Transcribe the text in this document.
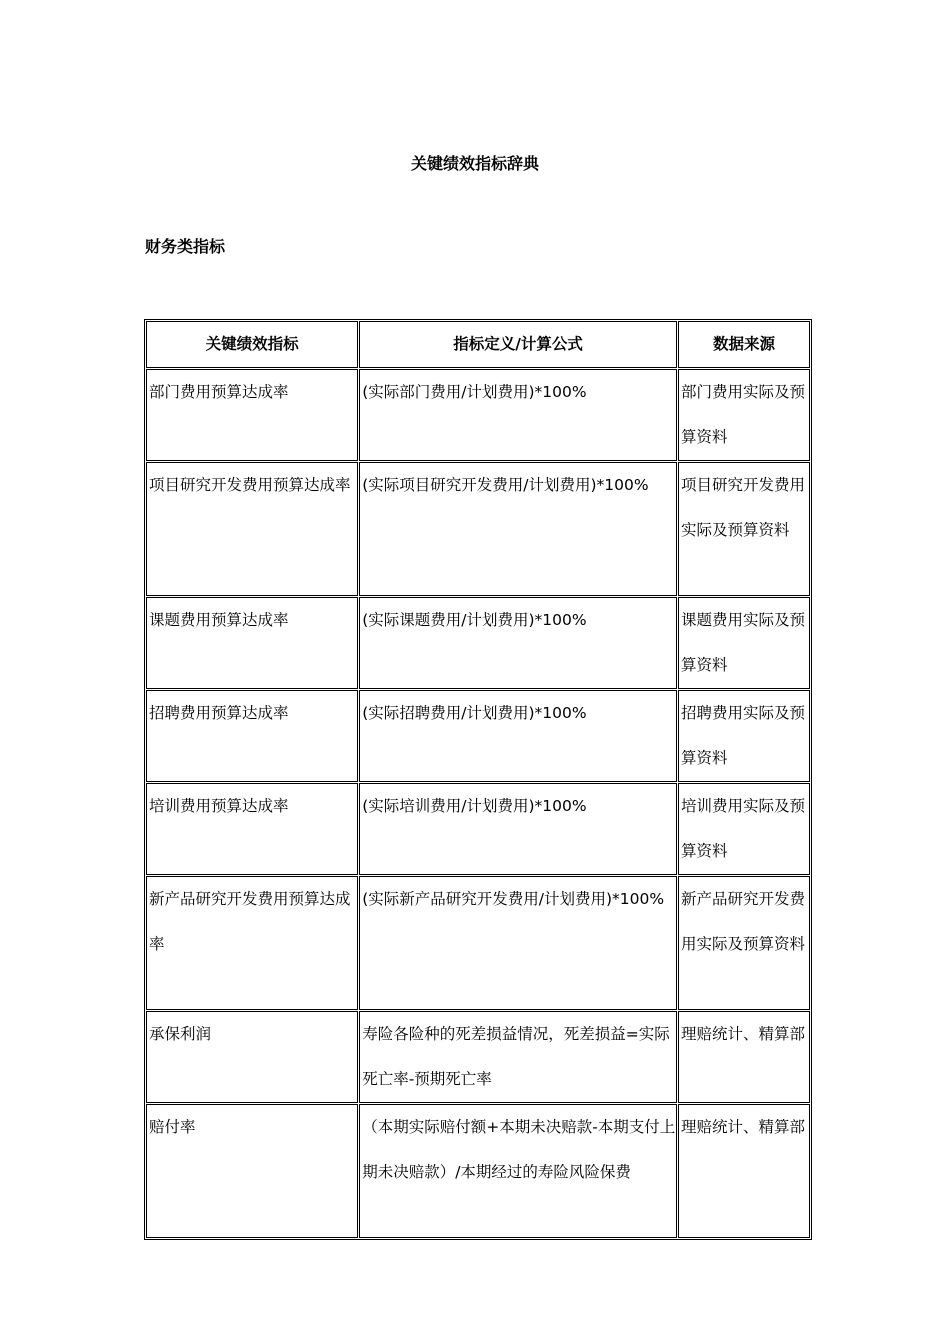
关键绩效指标辞典
财务类指标
关键绩效指标	指标定义/计算公式	数据来源
部门费用预算达成率	(实际部门费用/计划费用)*100%	部门费用实际及预算资料
项目研究开发费用预算达成率	(实际项目研究开发费用/计划费用)*100%	项目研究开发费用实际及预算资料
课题费用预算达成率	(实际课题费用/计划费用)*100%	课题费用实际及预算资料
招聘费用预算达成率	(实际招聘费用/计划费用)*100%	招聘费用实际及预算资料
培训费用预算达成率	(实际培训费用/计划费用)*100%	培训费用实际及预算资料
新产品研究开发费用预算达成率	(实际新产品研究开发费用/计划费用)*100%	新产品研究开发费用实际及预算资料
承保利润	寿险各险种的死差损益情况，死差损益=实际死亡率-预期死亡率	理赔统计、精算部
赔付率	（本期实际赔付额+本期未决赔款-本期支付上期未决赔款）/本期经过的寿险风险保费	理赔统计、精算部
